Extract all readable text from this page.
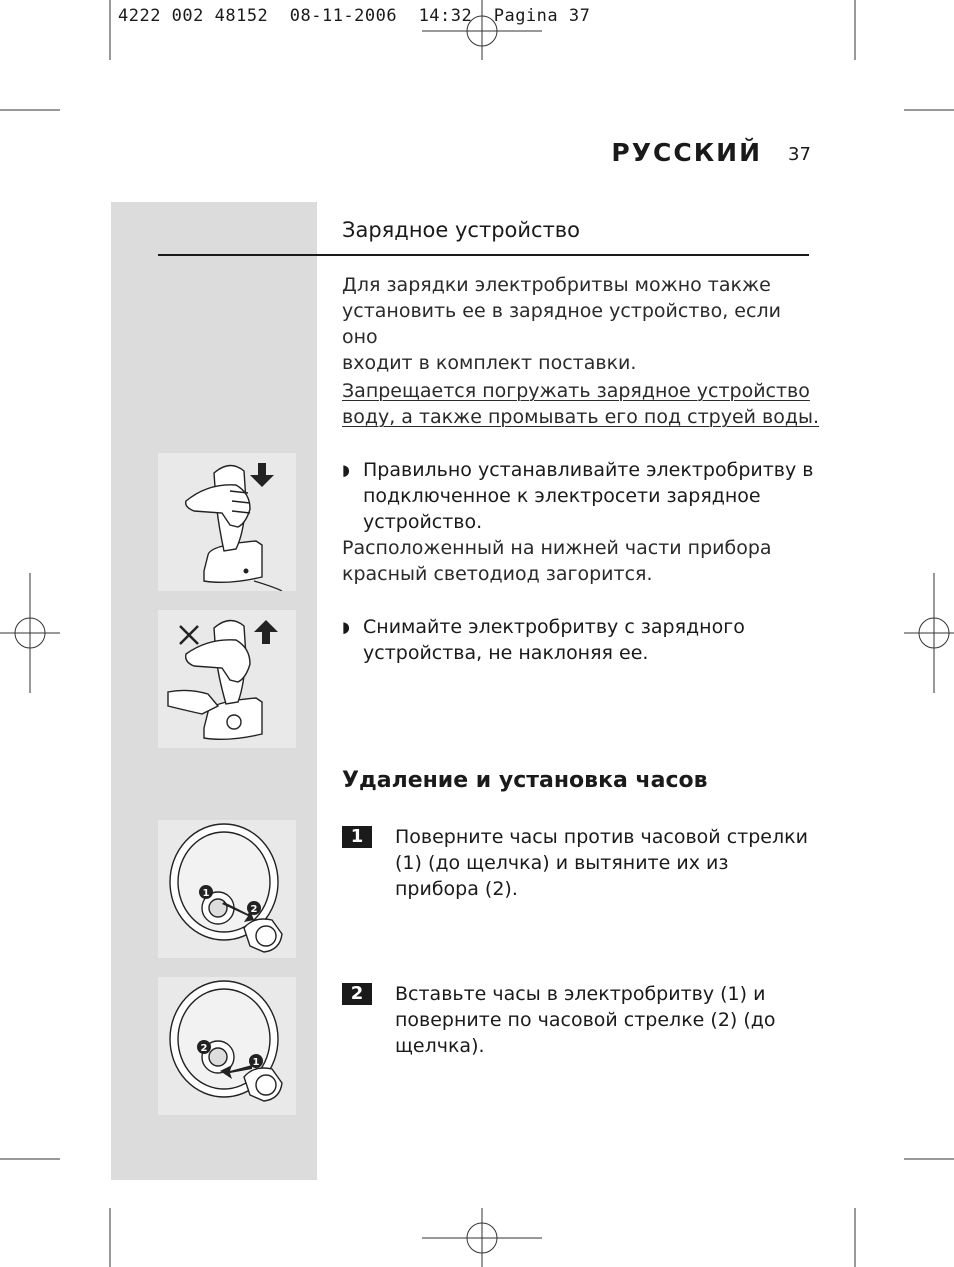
4222 002 48152  08-11-2006  14:32  Pagina 37
РУССКИЙ 37
Зарядное устройство
Для зарядки электробритвы можно также
установить ее в зарядное устройство, если оно
входит в комплект поставки.
Запрещается погружать зарядное устройство
воду, а также промывать его под струей воды.
◗ Правильно устанавливайте электробритву в
подключенное к электросети зарядное
устройство.
Расположенный на нижней части прибора
красный светодиод загорится.
◗ Снимайте электробритву с зарядного
устройства, не наклоняя ее.
Удаление и установка часов
1	Поверните часы против часовой стрелки
(1) (до щелчка) и вытяните их из
прибора (2).
2	Вставьте часы в электробритву (1) и
поверните по часовой стрелке (2) (до
щелчка).
1
2
2
1
